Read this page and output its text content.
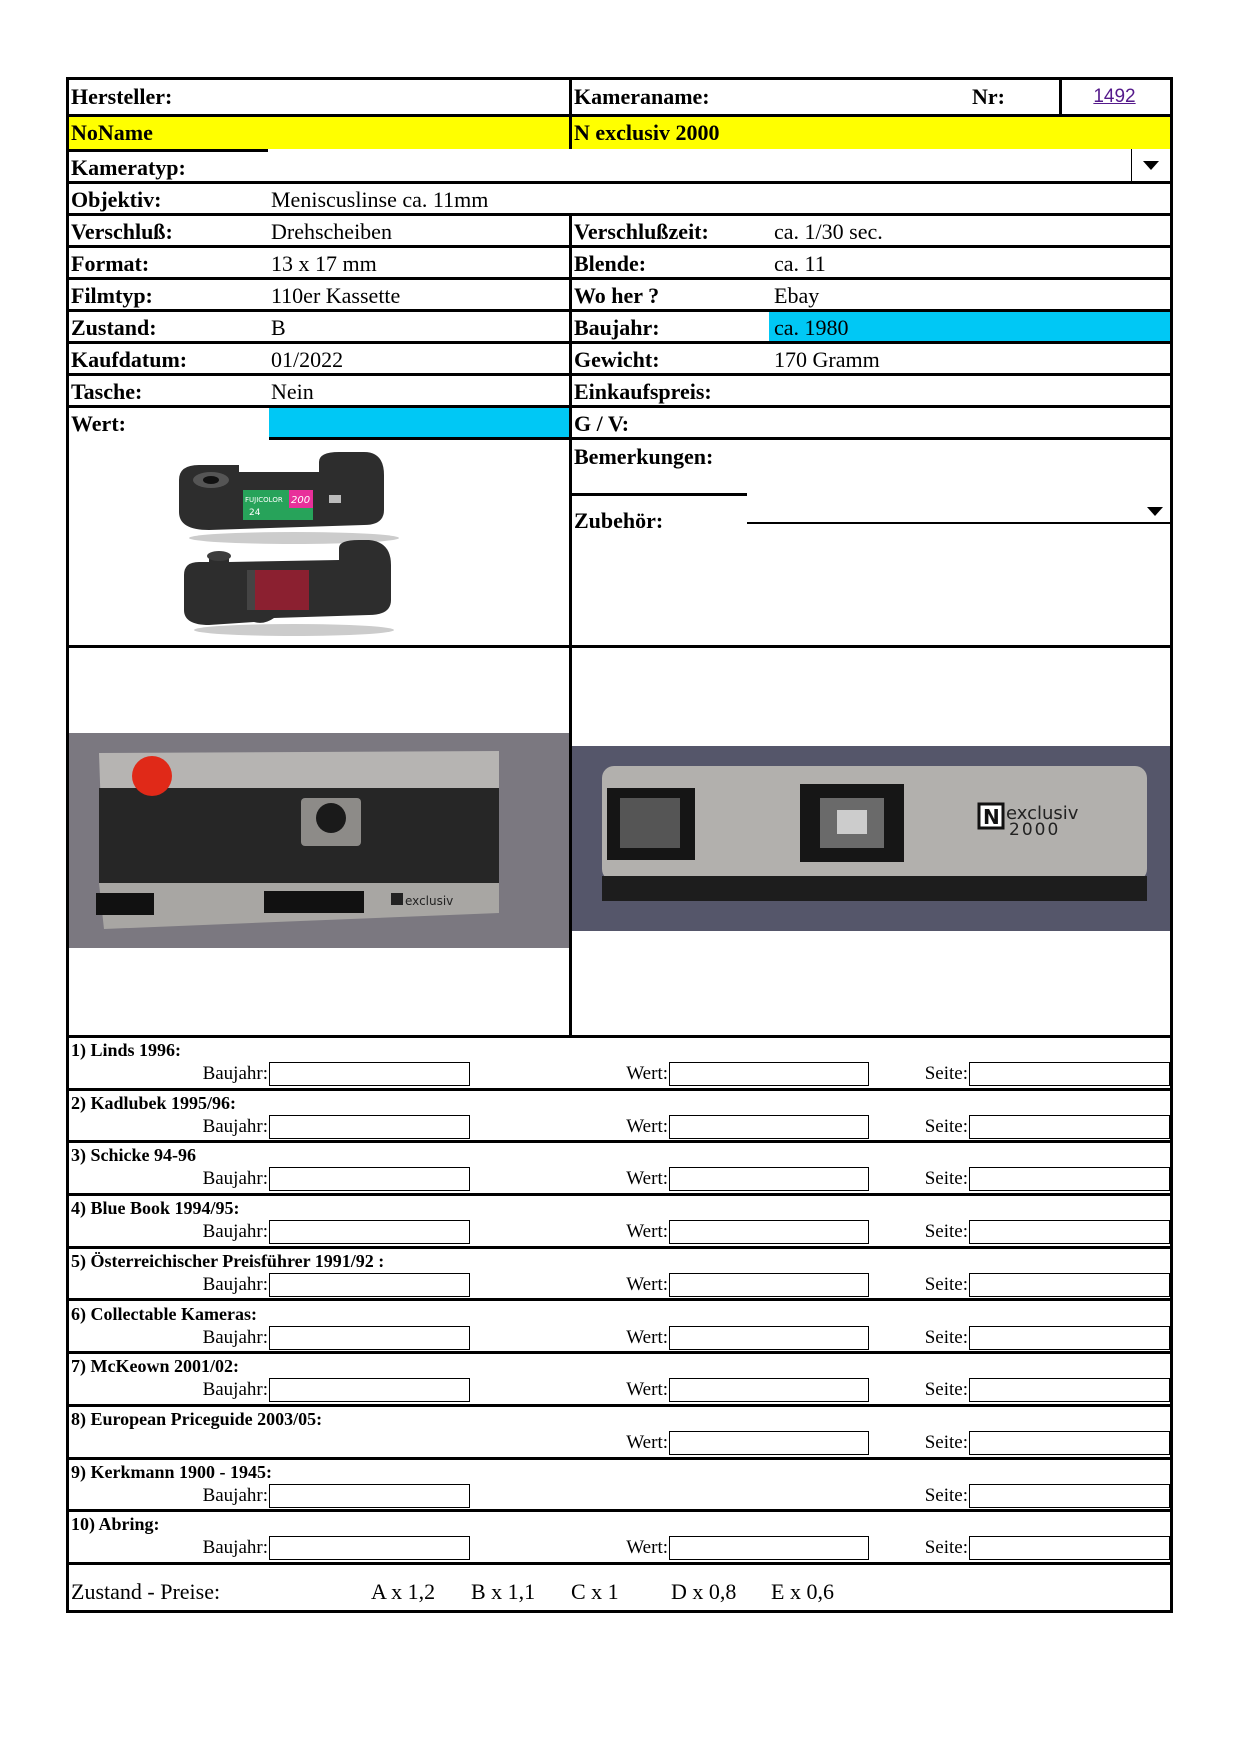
Hersteller:	Kameraname:	Nr:	1492
NoName	N exclusiv 2000
Kameratyp:
Objektiv:	Meniscuslinse ca. 11mm
Verschluß:	Drehscheiben	Verschlußzeit:	ca. 1/30 sec.
Format:	13 x 17 mm	Blende:	ca. 11
Filmtyp:	110er Kassette	Wo her ?	Ebay
Zustand:	B	Baujahr:	ca. 1980
Kaufdatum:	01/2022	Gewicht:	170 Gramm
Tasche:	Nein	Einkaufspreis:
Wert:	G / V:
FUJICOLOR 200
24
Bemerkungen:
Zubehör:
exclusiv
N exclusiv
2000
1) Linds 1996:
Baujahr:	Wert:	Seite:
2) Kadlubek 1995/96:
Baujahr:	Wert:	Seite:
3) Schicke 94-96
Baujahr:	Wert:	Seite:
4) Blue Book 1994/95:
Baujahr:	Wert:	Seite:
5) Österreichischer Preisführer 1991/92 :
Baujahr:	Wert:	Seite:
6) Collectable Kameras:
Baujahr:	Wert:	Seite:
7) McKeown 2001/02:
Baujahr:	Wert:	Seite:
8) European Priceguide 2003/05:
Wert:	Seite:
9) Kerkmann 1900 - 1945:
Baujahr:	Seite:
10) Abring:
Baujahr:	Wert:	Seite:
Zustand - Preise:	A x 1,2 B x 1,1 C x 1 D x 0,8 E x 0,6
